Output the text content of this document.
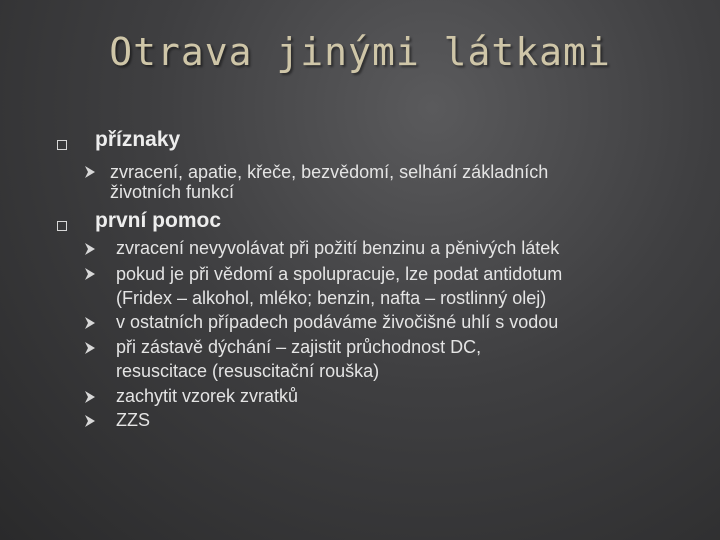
Otrava jinými látkami
příznaky
zvracení, apatie, křeče, bezvědomí, selhání základních
životních funkcí
první pomoc
zvracení nevyvolávat při požití benzinu a pěnivých látek
pokud je při vědomí a spolupracuje, lze podat antidotum
(Fridex – alkohol, mléko; benzin, nafta – rostlinný olej)
v ostatních případech podáváme živočišné uhlí s vodou
při zástavě dýchání – zajistit průchodnost DC,
resuscitace (resuscitační rouška)
zachytit vzorek zvratků
ZZS
